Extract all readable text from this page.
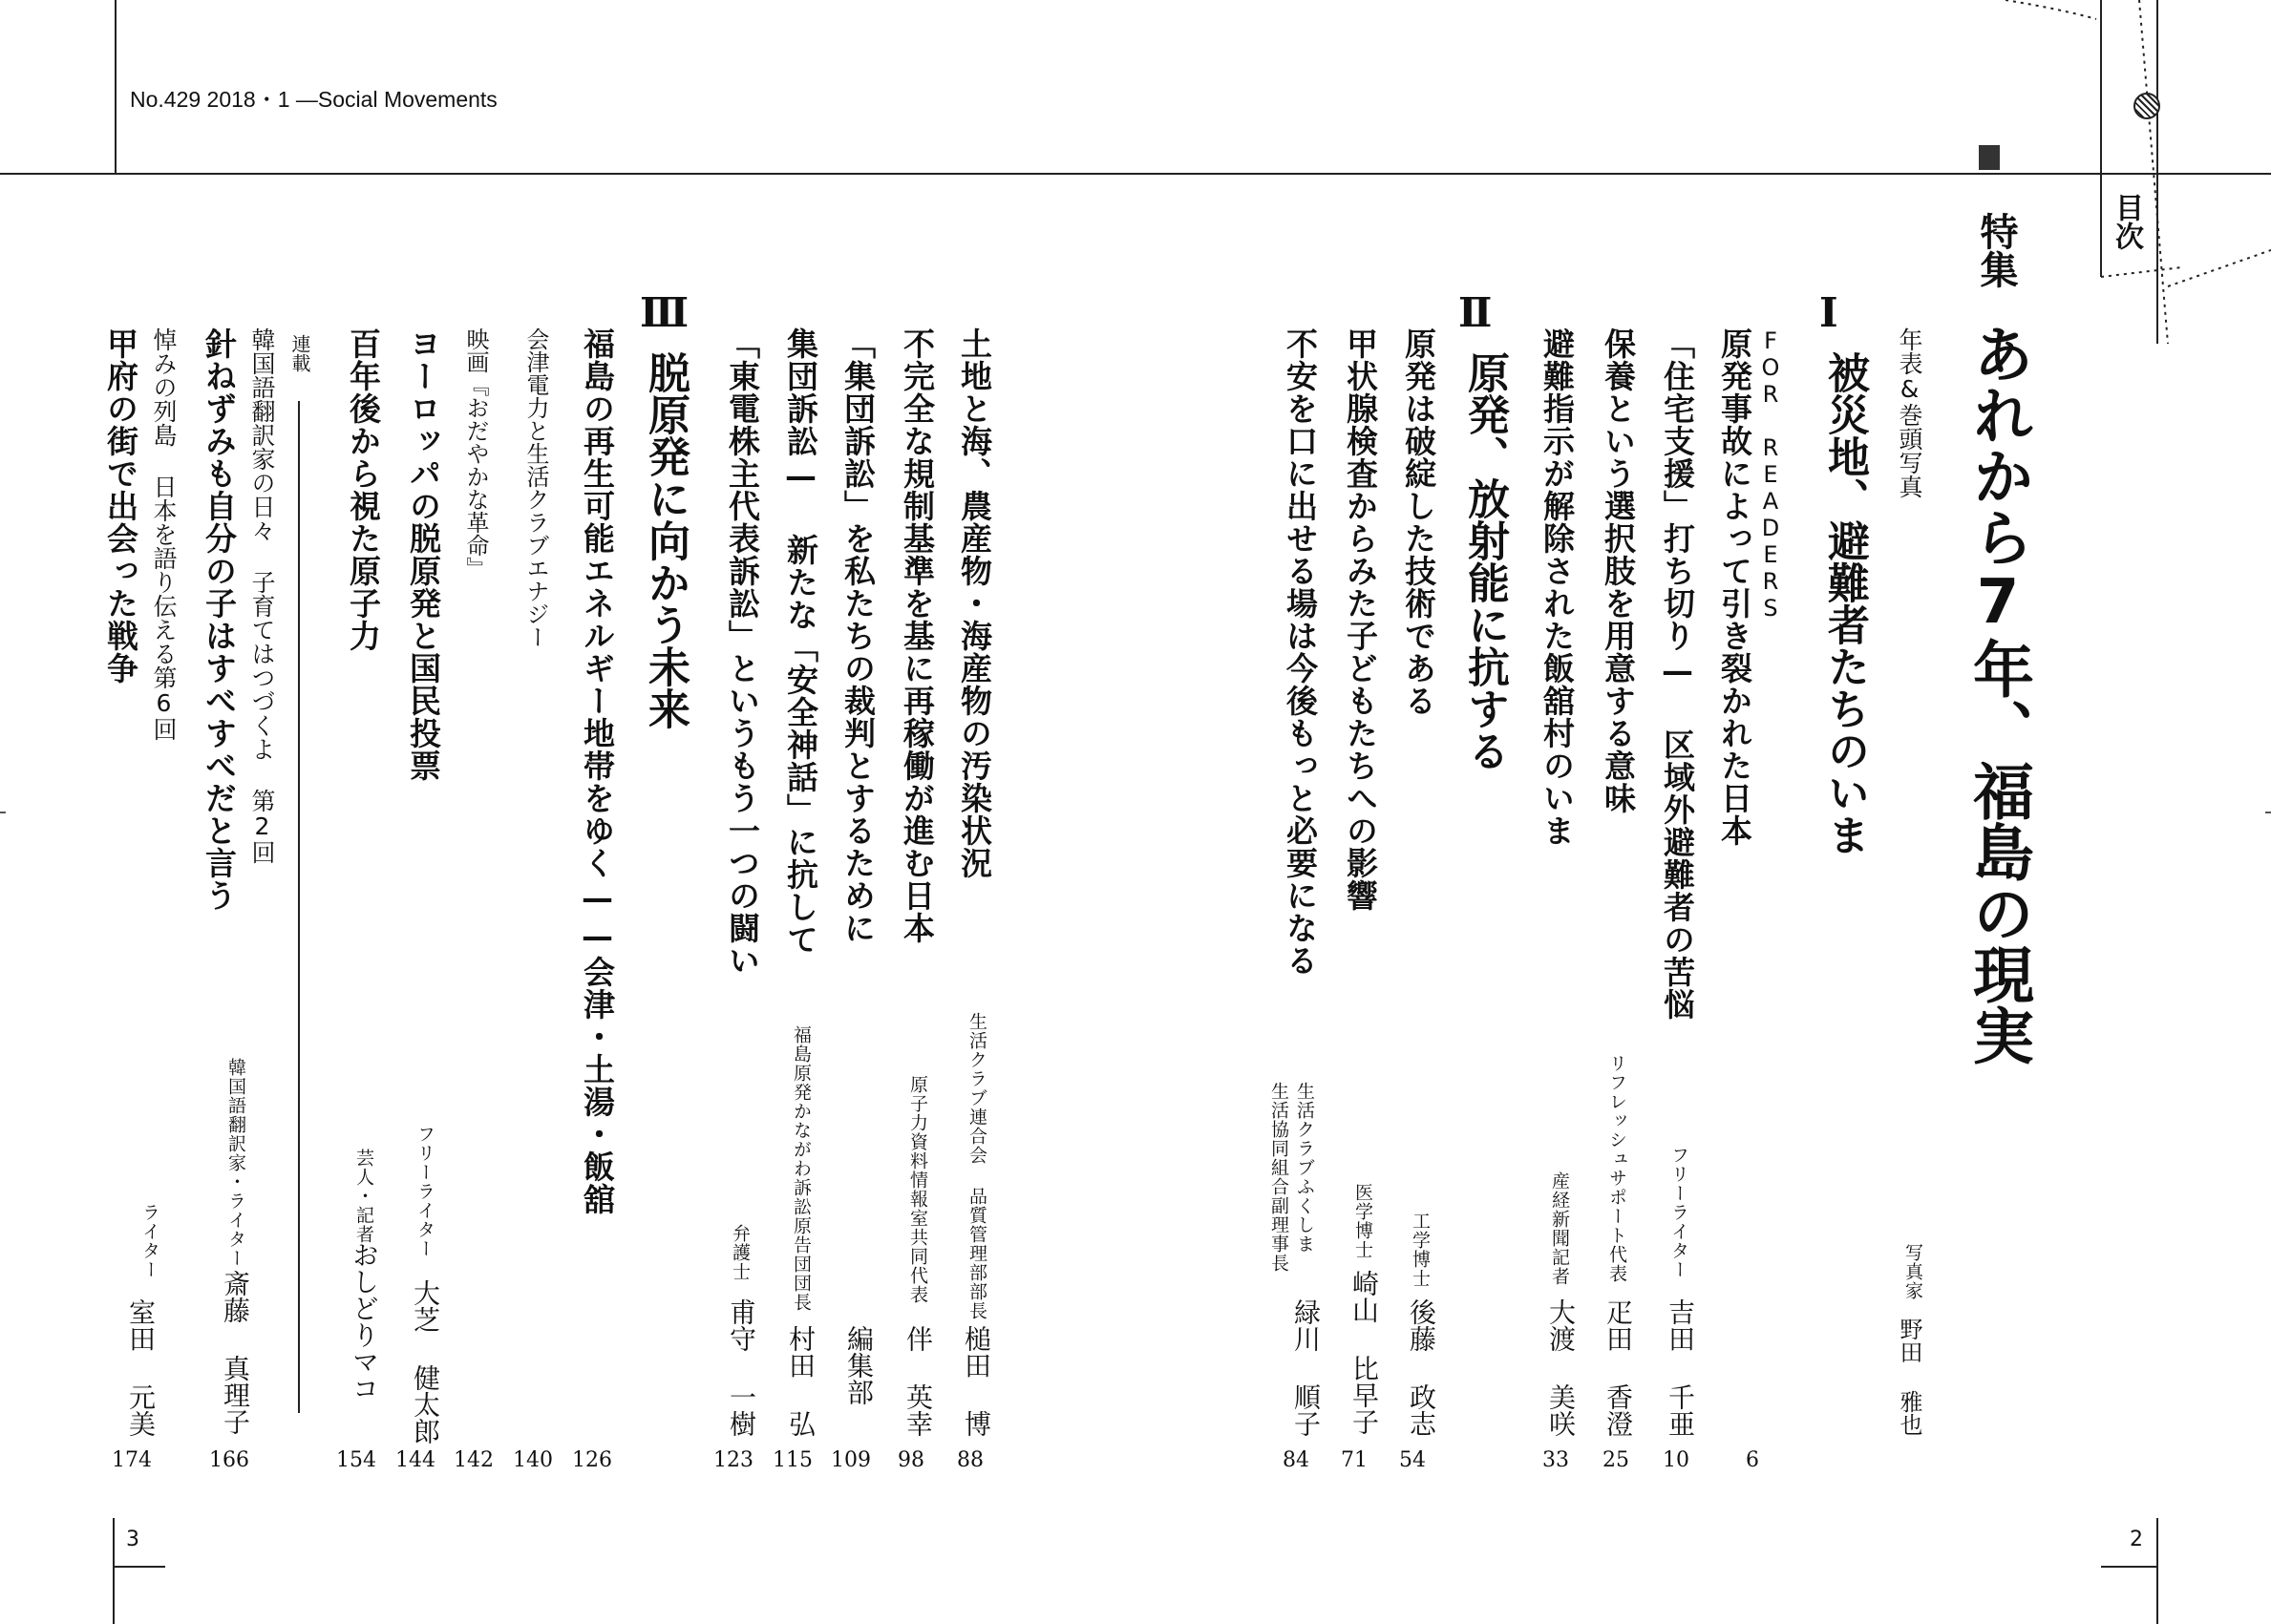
No.429 2018・1 —Social Movements
目次
特集
あれから7年、福島の現実
Ⅰ
被災地、避難者たちのいま
Ⅱ
原発、放射能に抗する
Ⅲ
脱原発に向かう未来
連載	年表&巻頭写真
FOR READERS
原発事故によって引き裂かれた日本
「住宅支援」打ち切り— 区域外避難者の苦悩
保養という選択肢を用意する意味
避難指示が解除された飯舘村のいま
原発は破綻した技術である
甲状腺検査からみた子どもたちへの影響
不安を口に出せる場は今後もっと必要になる
土地と海、農産物・海産物の汚染状況
不完全な規制基準を基に再稼働が進む日本
「集団訴訟」を私たちの裁判とするために
集団訴訟— 新たな「安全神話」に抗して
「東電株主代表訴訟」というもう一つの闘い
福島の再生可能エネルギー地帯をゆく——会津・土湯・飯舘
会津電力と生活クラブエナジー
映画『おだやかな革命』
ヨーロッパの脱原発と国民投票
百年後から視た原子力
韓国語翻訳家の日々 子育てはつづくよ 第2回
針ねずみも自分の子はすべすべだと言う
悼みの列島 日本を語り伝える第6回
甲府の街で出会った戦争
写真家
フリーライター
リフレッシュサポート代表
産経新聞記者
工学博士
医学博士
生活クラブふくしま 生活協同組合副理事長
生活クラブ連合会 品質管理部部長
原子力資料情報室共同代表
福島原発かながわ訴訟原告団団長
弁護士
フリーライター
芸人・記者
韓国語翻訳家・ライター
ライター
野田 雅也
吉田 千亜
疋田 香澄
大渡 美咲
後藤 政志
崎山 比早子
緑川 順子
槌田 博
伴 英幸
編集部
村田 弘
甫守 一樹
大芝 健太郎
おしどりマコ
斎藤 真理子
室田 元美
6
10
25
33
54
71
84
88
98
109
115
123
126
140
142
144
154
166
174
3	2
